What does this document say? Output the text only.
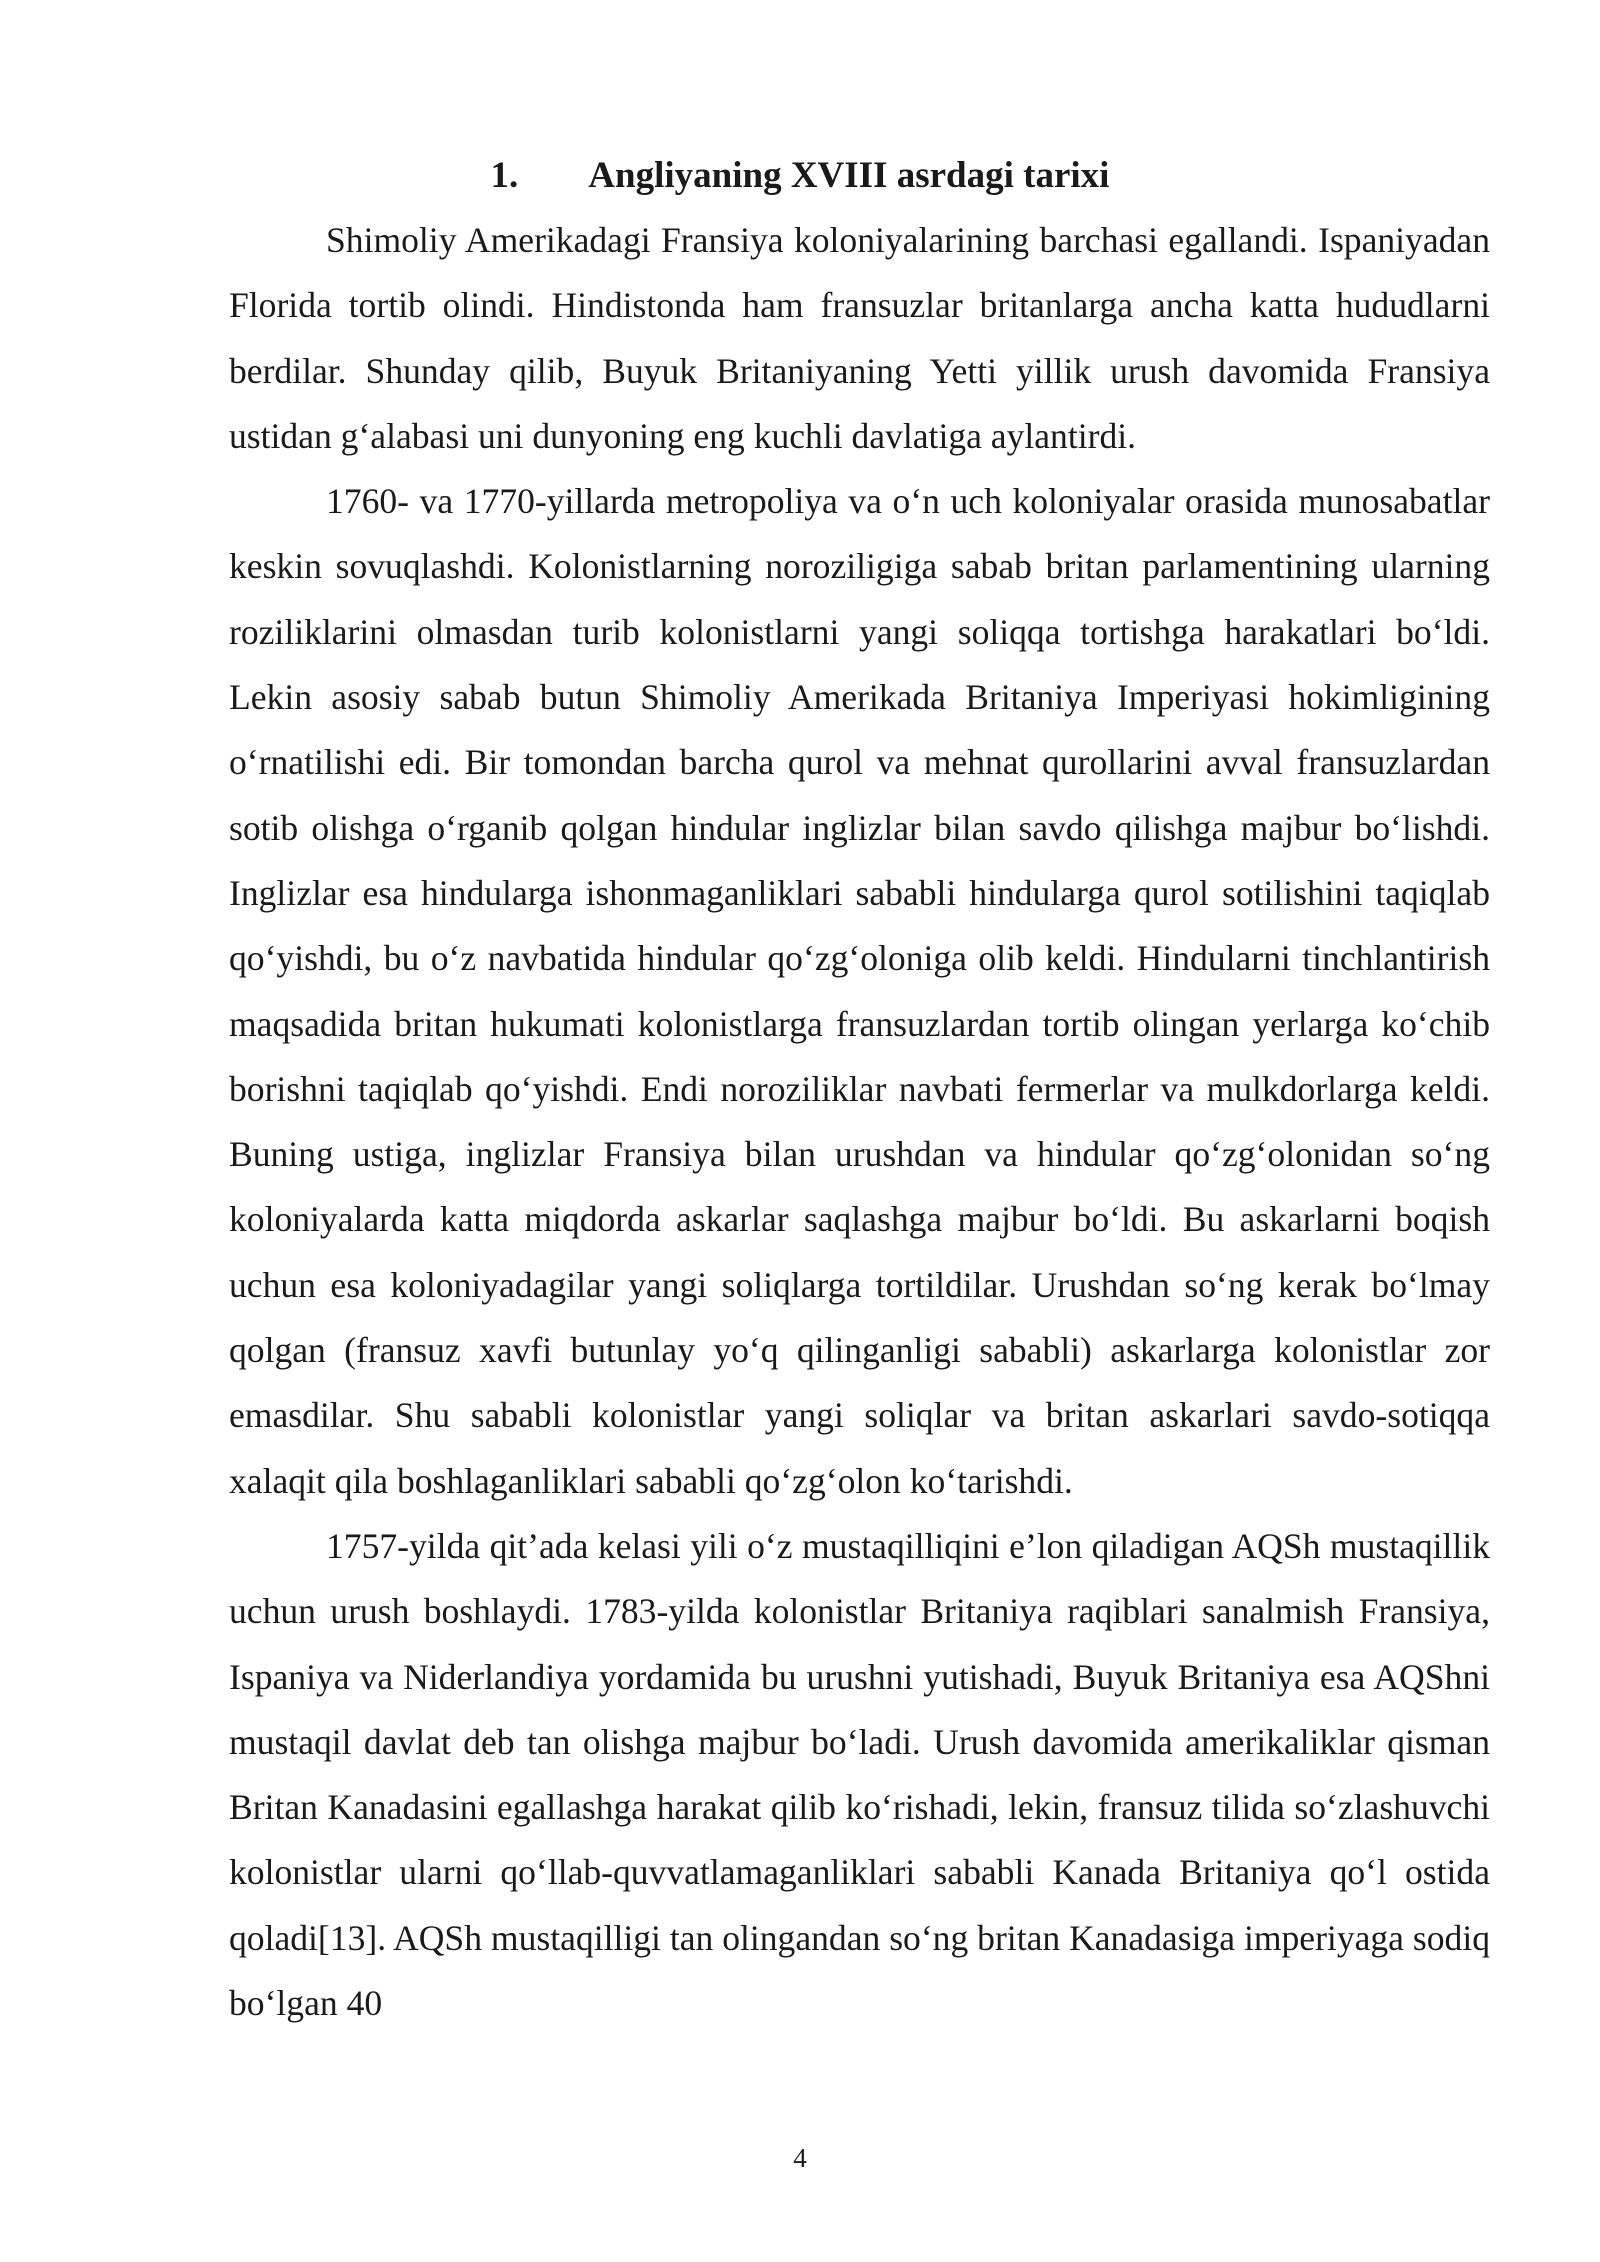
1. Angliyaning XVIII asrdagi tarixi

Shimoliy Amerikadagi Fransiya koloniyalarining barchasi egallandi. Ispaniyadan Florida tortib olindi. Hindistonda ham fransuzlar britanlarga ancha katta hududlarni berdilar. Shunday qilib, Buyuk Britaniyaning Yetti yillik urush davomida Fransiya ustidan g‘alabasi uni dunyoning eng kuchli davlatiga aylantirdi.

1760- va 1770-yillarda metropoliya va o‘n uch koloniyalar orasida munosabatlar keskin sovuqlashdi. Kolonistlarning noroziligiga sabab britan parlamentining ularning roziliklarini olmasdan turib kolonistlarni yangi soliqqa tortishga harakatlari bo‘ldi. Lekin asosiy sabab butun Shimoliy Amerikada Britaniya Imperiyasi hokimligining o‘rnatilishi edi. Bir tomondan barcha qurol va mehnat qurollarini avval fransuzlardan sotib olishga o‘rganib qolgan hindular inglizlar bilan savdo qilishga majbur bo‘lishdi. Inglizlar esa hindularga ishonmaganliklari sababli hindularga qurol sotilishini taqiqlab qo‘yishdi, bu o‘z navbatida hindular qo‘zg‘oloniga olib keldi. Hindularni tinchlantirish maqsadida britan hukumati kolonistlarga fransuzlardan tortib olingan yerlarga ko‘chib borishni taqiqlab qo‘yishdi. Endi noroziliklar navbati fermerlar va mulkdorlarga keldi. Buning ustiga, inglizlar Fransiya bilan urushdan va hindular qo‘zg‘olonidan so‘ng koloniyalarda katta miqdorda askarlar saqlashga majbur bo‘ldi. Bu askarlarni boqish uchun esa koloniyadagilar yangi soliqlarga tortildilar. Urushdan so‘ng kerak bo‘lmay qolgan (fransuz xavfi butunlay yo‘q qilinganligi sababli) askarlarga kolonistlar zor emasdilar. Shu sababli kolonistlar yangi soliqlar va britan askarlari savdo-sotiqqa xalaqit qila boshlaganliklari sababli qo‘zg‘olon ko‘tarishdi.

1757-yilda qit’ada kelasi yili o‘z mustaqilliqini e’lon qiladigan AQSh mustaqillik uchun urush boshlaydi. 1783-yilda kolonistlar Britaniya raqiblari sanalmish Fransiya, Ispaniya va Niderlandiya yordamida bu urushni yutishadi, Buyuk Britaniya esa AQShni mustaqil davlat deb tan olishga majbur bo‘ladi. Urush davomida amerikaliklar qisman Britan Kanadasini egallashga harakat qilib ko‘rishadi, lekin, fransuz tilida so‘zlashuvchi kolonistlar ularni qo‘llab-quvvatlamaganliklari sababli Kanada Britaniya qo‘l ostida qoladi[13]. AQSh mustaqilligi tan olingandan so‘ng britan Kanadasiga imperiyaga sodiq bo‘lgan 40

4
